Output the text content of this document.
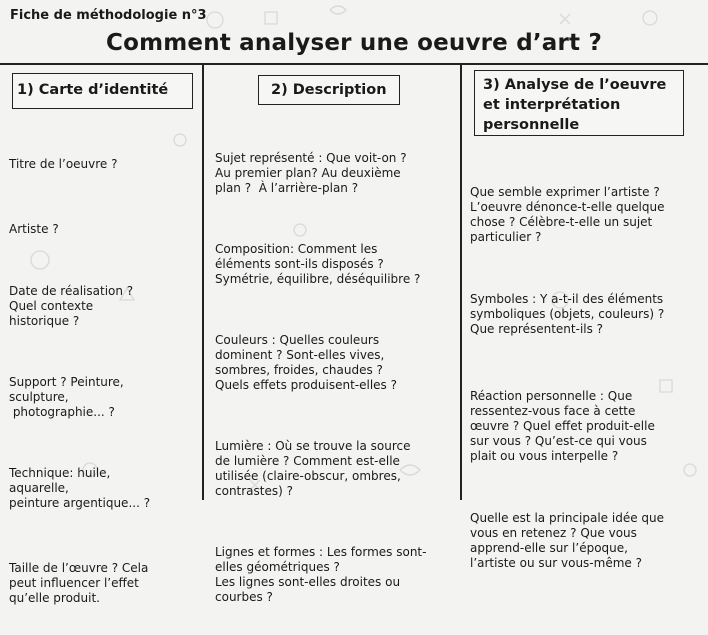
Fiche de méthodologie n°3
Comment analyser une oeuvre d’art ?
1) Carte d’identité

Titre de l’oeuvre ?

Artiste ?

Date de réalisation ?
Quel contexte
historique ?

Support ? Peinture,
sculpture,
photographie... ?

Technique: huile,
aquarelle,
peinture argentique... ?

Taille de l’œuvre ? Cela
peut influencer l’effet
qu’elle produit.

2) Description

Sujet représenté : Que voit-on ?
Au premier plan? Au deuxième
plan ?  À l’arrière-plan ?

Composition: Comment les
éléments sont-ils disposés ?
Symétrie, équilibre, déséquilibre ?

Couleurs : Quelles couleurs
dominent ? Sont-elles vives,
sombres, froides, chaudes ?
Quels effets produisent-elles ?

Lumière : Où se trouve la source
de lumière ? Comment est-elle
utilisée (claire-obscur, ombres,
contrastes) ?

Lignes et formes : Les formes sont-
elles géométriques ?
Les lignes sont-elles droites ou
courbes ?

3) Analyse de l’oeuvre
et interprétation
personnelle

Que semble exprimer l’artiste ?
L’oeuvre dénonce-t-elle quelque
chose ? Célèbre-t-elle un sujet
particulier ?

Symboles : Y a-t-il des éléments
symboliques (objets, couleurs) ?
Que représentent-ils ?

Réaction personnelle : Que
ressentez-vous face à cette
œuvre ? Quel effet produit-elle
sur vous ? Qu’est-ce qui vous
plait ou vous interpelle ?

Quelle est la principale idée que
vous en retenez ? Que vous
apprend-elle sur l’époque,
l’artiste ou sur vous-même ?
